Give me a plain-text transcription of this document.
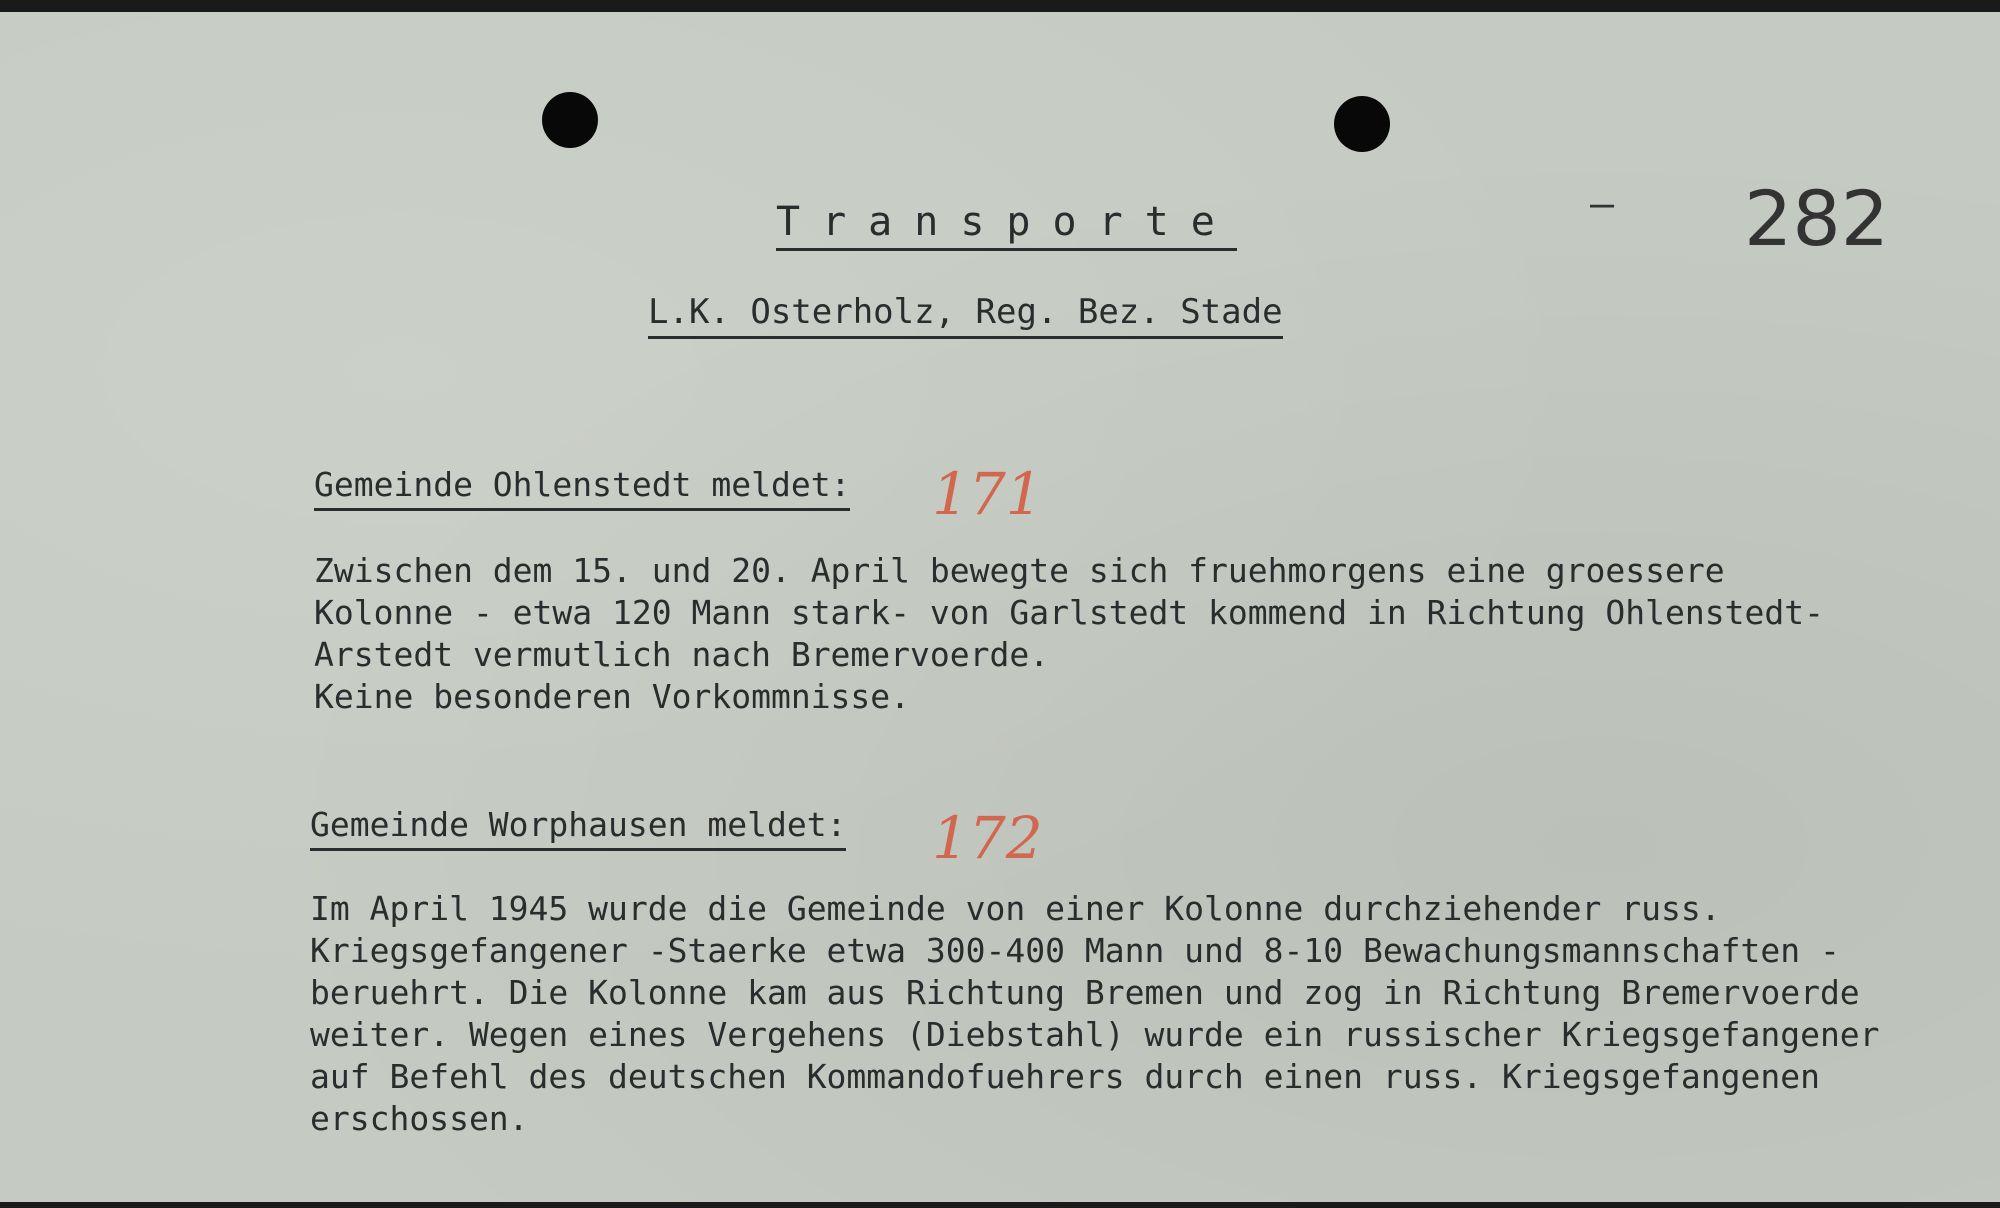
– 282
Transporte
L.K. Osterholz, Reg. Bez. Stade
Gemeinde Ohlenstedt meldet: 171
Zwischen dem 15. und 20. April bewegte sich fruehmorgens eine groessere
Kolonne - etwa 120 Mann stark- von Garlstedt kommend in Richtung Ohlenstedt-
Arstedt vermutlich nach Bremervoerde.
Keine besonderen Vorkommnisse.
Gemeinde Worphausen meldet: 172
Im April 1945 wurde die Gemeinde von einer Kolonne durchziehender russ.
Kriegsgefangener -Staerke etwa 300-400 Mann und 8-10 Bewachungsmannschaften -
beruehrt. Die Kolonne kam aus Richtung Bremen und zog in Richtung Bremervoerde
weiter. Wegen eines Vergehens (Diebstahl) wurde ein russischer Kriegsgefangener
auf Befehl des deutschen Kommandofuehrers durch einen russ. Kriegsgefangenen
erschossen.
